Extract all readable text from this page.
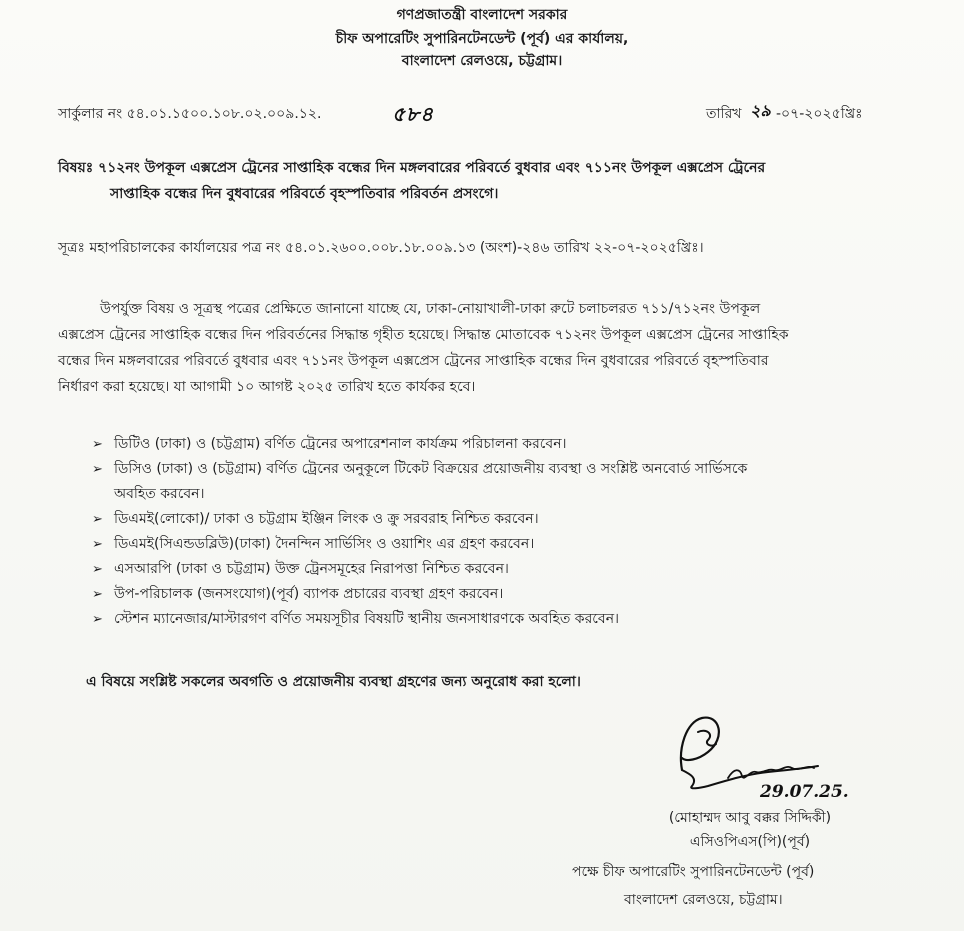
গণপ্রজাতন্ত্রী বাংলাদেশ সরকার
চীফ অপারেটিং সুপারিনটেনডেন্ট (পূর্ব) এর কার্যালয়,
বাংলাদেশ রেলওয়ে, চট্টগ্রাম।
সার্কুলার নং ৫৪.০১.১৫০০.১০৮.০২.০০৯.১২.	৫৮৪	তারিখ ২৯ -০৭-২০২৫খ্রিঃ
বিষয়ঃ ৭১২নং উপকূল এক্সপ্রেস ট্রেনের সাপ্তাহিক বন্ধের দিন মঙ্গলবারের পরিবর্তে বুধবার এবং ৭১১নং উপকূল এক্সপ্রেস ট্রেনের
সাপ্তাহিক বন্ধের দিন বুধবারের পরিবর্তে বৃহস্পতিবার পরিবর্তন প্রসংগে।
সূত্রঃ মহাপরিচালকের কার্যালয়ের পত্র নং ৫৪.০১.২৬০০.০০৮.১৮.০০৯.১৩ (অংশ)-২৪৬ তারিখ ২২-০৭-২০২৫খ্রিঃ।
উপর্যুক্ত বিষয় ও সূত্রস্থ পত্রের প্রেক্ষিতে জানানো যাচ্ছে যে, ঢাকা-নোয়াখালী-ঢাকা রুটে চলাচলরত ৭১১/৭১২নং উপকূল
এক্সপ্রেস ট্রেনের সাপ্তাহিক বন্ধের দিন পরিবর্তনের সিদ্ধান্ত গৃহীত হয়েছে। সিদ্ধান্ত মোতাবেক ৭১২নং উপকূল এক্সপ্রেস ট্রেনের সাপ্তাহিক
বন্ধের দিন মঙ্গলবারের পরিবর্তে বুধবার এবং ৭১১নং উপকূল এক্সপ্রেস ট্রেনের সাপ্তাহিক বন্ধের দিন বুধবারের পরিবর্তে বৃহস্পতিবার
নির্ধারণ করা হয়েছে। যা আগামী ১০ আগষ্ট ২০২৫ তারিখ হতে কার্যকর হবে।
➢ ডিটিও (ঢাকা) ও (চট্টগ্রাম) বর্ণিত ট্রেনের অপারেশনাল কার্যক্রম পরিচালনা করবেন।
➢ ডিসিও (ঢাকা) ও (চট্টগ্রাম) বর্ণিত ট্রেনের অনুকূলে টিকেট বিক্রয়ের প্রয়োজনীয় ব্যবস্থা ও সংশ্লিষ্ট অনবোর্ড সার্ভিসকে
অবহিত করবেন।
➢ ডিএমই(লোকো)/ ঢাকা ও চট্টগ্রাম ইঞ্জিন লিংক ও ক্রু সরবরাহ নিশ্চিত করবেন।
➢ ডিএমই(সিএন্ডডব্লিউ)(ঢাকা) দৈনন্দিন সার্ভিসিং ও ওয়াশিং এর গ্রহণ করবেন।
➢ এসআরপি (ঢাকা ও চট্টগ্রাম) উক্ত ট্রেনসমূহের নিরাপত্তা নিশ্চিত করবেন।
➢ উপ-পরিচালক (জনসংযোগ)(পূর্ব) ব্যাপক প্রচারের ব্যবস্থা গ্রহণ করবেন।
➢ স্টেশন ম্যানেজার/মাস্টারগণ বর্ণিত সময়সূচীর বিষয়টি স্থানীয় জনসাধারণকে অবহিত করবেন।
এ বিষয়ে সংশ্লিষ্ট সকলের অবগতি ও প্রয়োজনীয় ব্যবস্থা গ্রহণের জন্য অনুরোধ করা হলো।
29.07.25.
(মোহাম্মদ আবু বক্কর সিদ্দিকী)
এসিওপিএস(পি)(পূর্ব)
পক্ষে চীফ অপারেটিং সুপারিনটেনডেন্ট (পূর্ব)
বাংলাদেশ রেলওয়ে, চট্টগ্রাম।
